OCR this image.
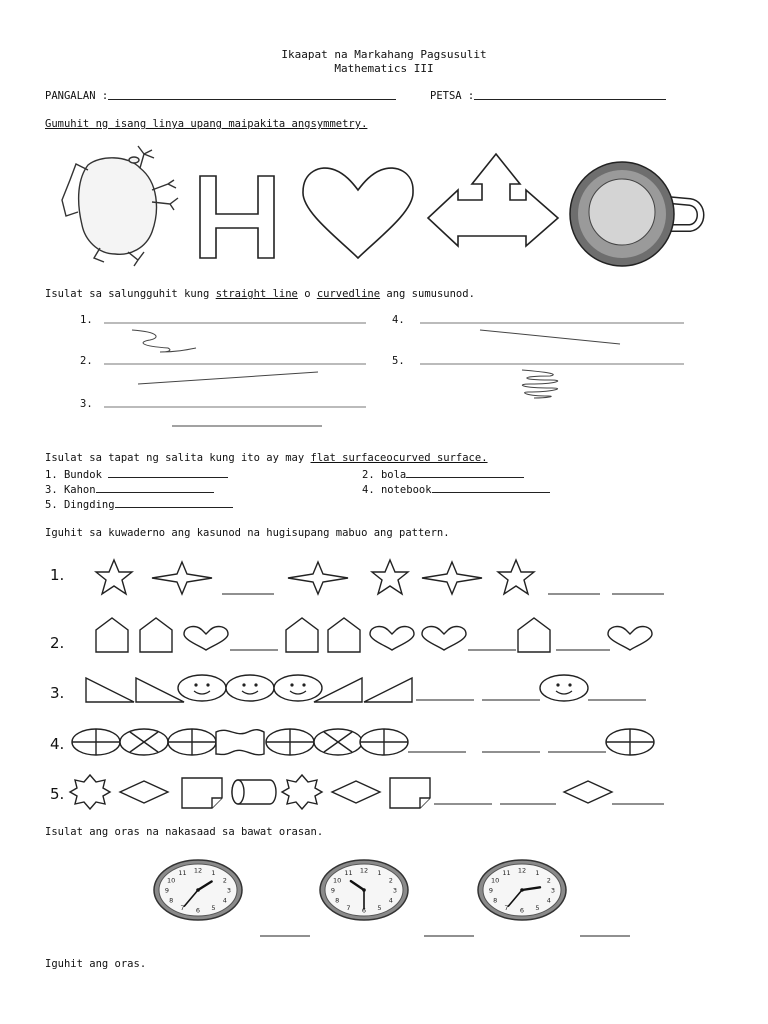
Ikaapat na Markahang Pagsusulit
Mathematics III
PANGALAN :	PETSA :
Gumuhit ng isang linya upang maipakita angsymmetry.
Isulat sa salungguhit kung straight line o curvedline ang sumusunod.
1.
2.
3.
4.
5.
Isulat sa tapat ng salita kung ito ay may flat surfaceocurved surface.
1. Bundok	2. bola
3. Kahon	4. notebook
5. Dingding
Iguhit sa kuwaderno ang kasunod na hugisupang mabuo ang pattern.
1.
2.
3.
4.
5.
Isulat ang oras na nakasaad sa bawat orasan.
1
2
3
4
5
6
7
8
9
10
11 12	1
2
3
4
5
6
7
8
9
10
11 12	1
2
3
4
5
6
7
8
9
10
11 12
Iguhit ang oras.
